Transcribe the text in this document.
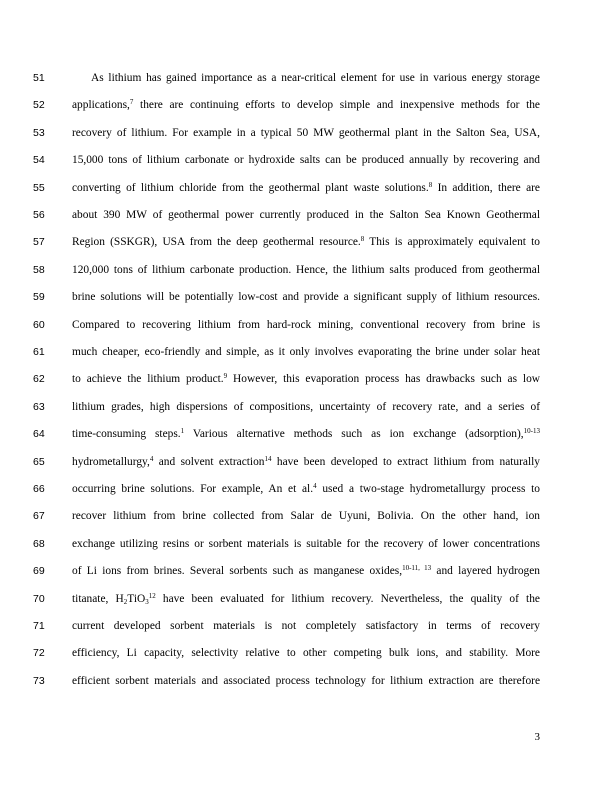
51	As lithium has gained importance as a near-critical element for use in various energy storage
52	applications,$^7$ there are continuing efforts to develop simple and inexpensive methods for the
53	recovery of lithium. For example in a typical 50 MW geothermal plant in the Salton Sea, USA,
54	15,000 tons of lithium carbonate or hydroxide salts can be produced annually by recovering and
55	converting of lithium chloride from the geothermal plant waste solutions.$^8$ In addition, there are
56	about 390 MW of geothermal power currently produced in the Salton Sea Known Geothermal
57	Region (SSKGR), USA from the deep geothermal resource.$^8$ This is approximately equivalent to
58	120,000 tons of lithium carbonate production. Hence, the lithium salts produced from geothermal
59	brine solutions will be potentially low-cost and provide a significant supply of lithium resources.
60	Compared to recovering lithium from hard-rock mining, conventional recovery from brine is
61	much cheaper, eco-friendly and simple, as it only involves evaporating the brine under solar heat
62	to achieve the lithium product.$^9$ However, this evaporation process has drawbacks such as low
63	lithium grades, high dispersions of compositions, uncertainty of recovery rate, and a series of
64	time-consuming steps.$^1$ Various alternative methods such as ion exchange (adsorption),$^{10-13}$
65	hydrometallurgy,$^4$ and solvent extraction$^{14}$ have been developed to extract lithium from naturally
66	occurring brine solutions. For example, An et al.$^4$ used a two-stage hydrometallurgy process to
67	recover lithium from brine collected from Salar de Uyuni, Bolivia. On the other hand, ion
68	exchange utilizing resins or sorbent materials is suitable for the recovery of lower concentrations
69	of Li ions from brines. Several sorbents such as manganese oxides,$^{10-11, 13}$ and layered hydrogen
70	titanate, $H_2TiO_3^{12}$ have been evaluated for lithium recovery. Nevertheless, the quality of the
71	current developed sorbent materials is not completely satisfactory in terms of recovery
72	efficiency, Li capacity, selectivity relative to other competing bulk ions, and stability. More
73	efficient sorbent materials and associated process technology for lithium extraction are therefore
3
